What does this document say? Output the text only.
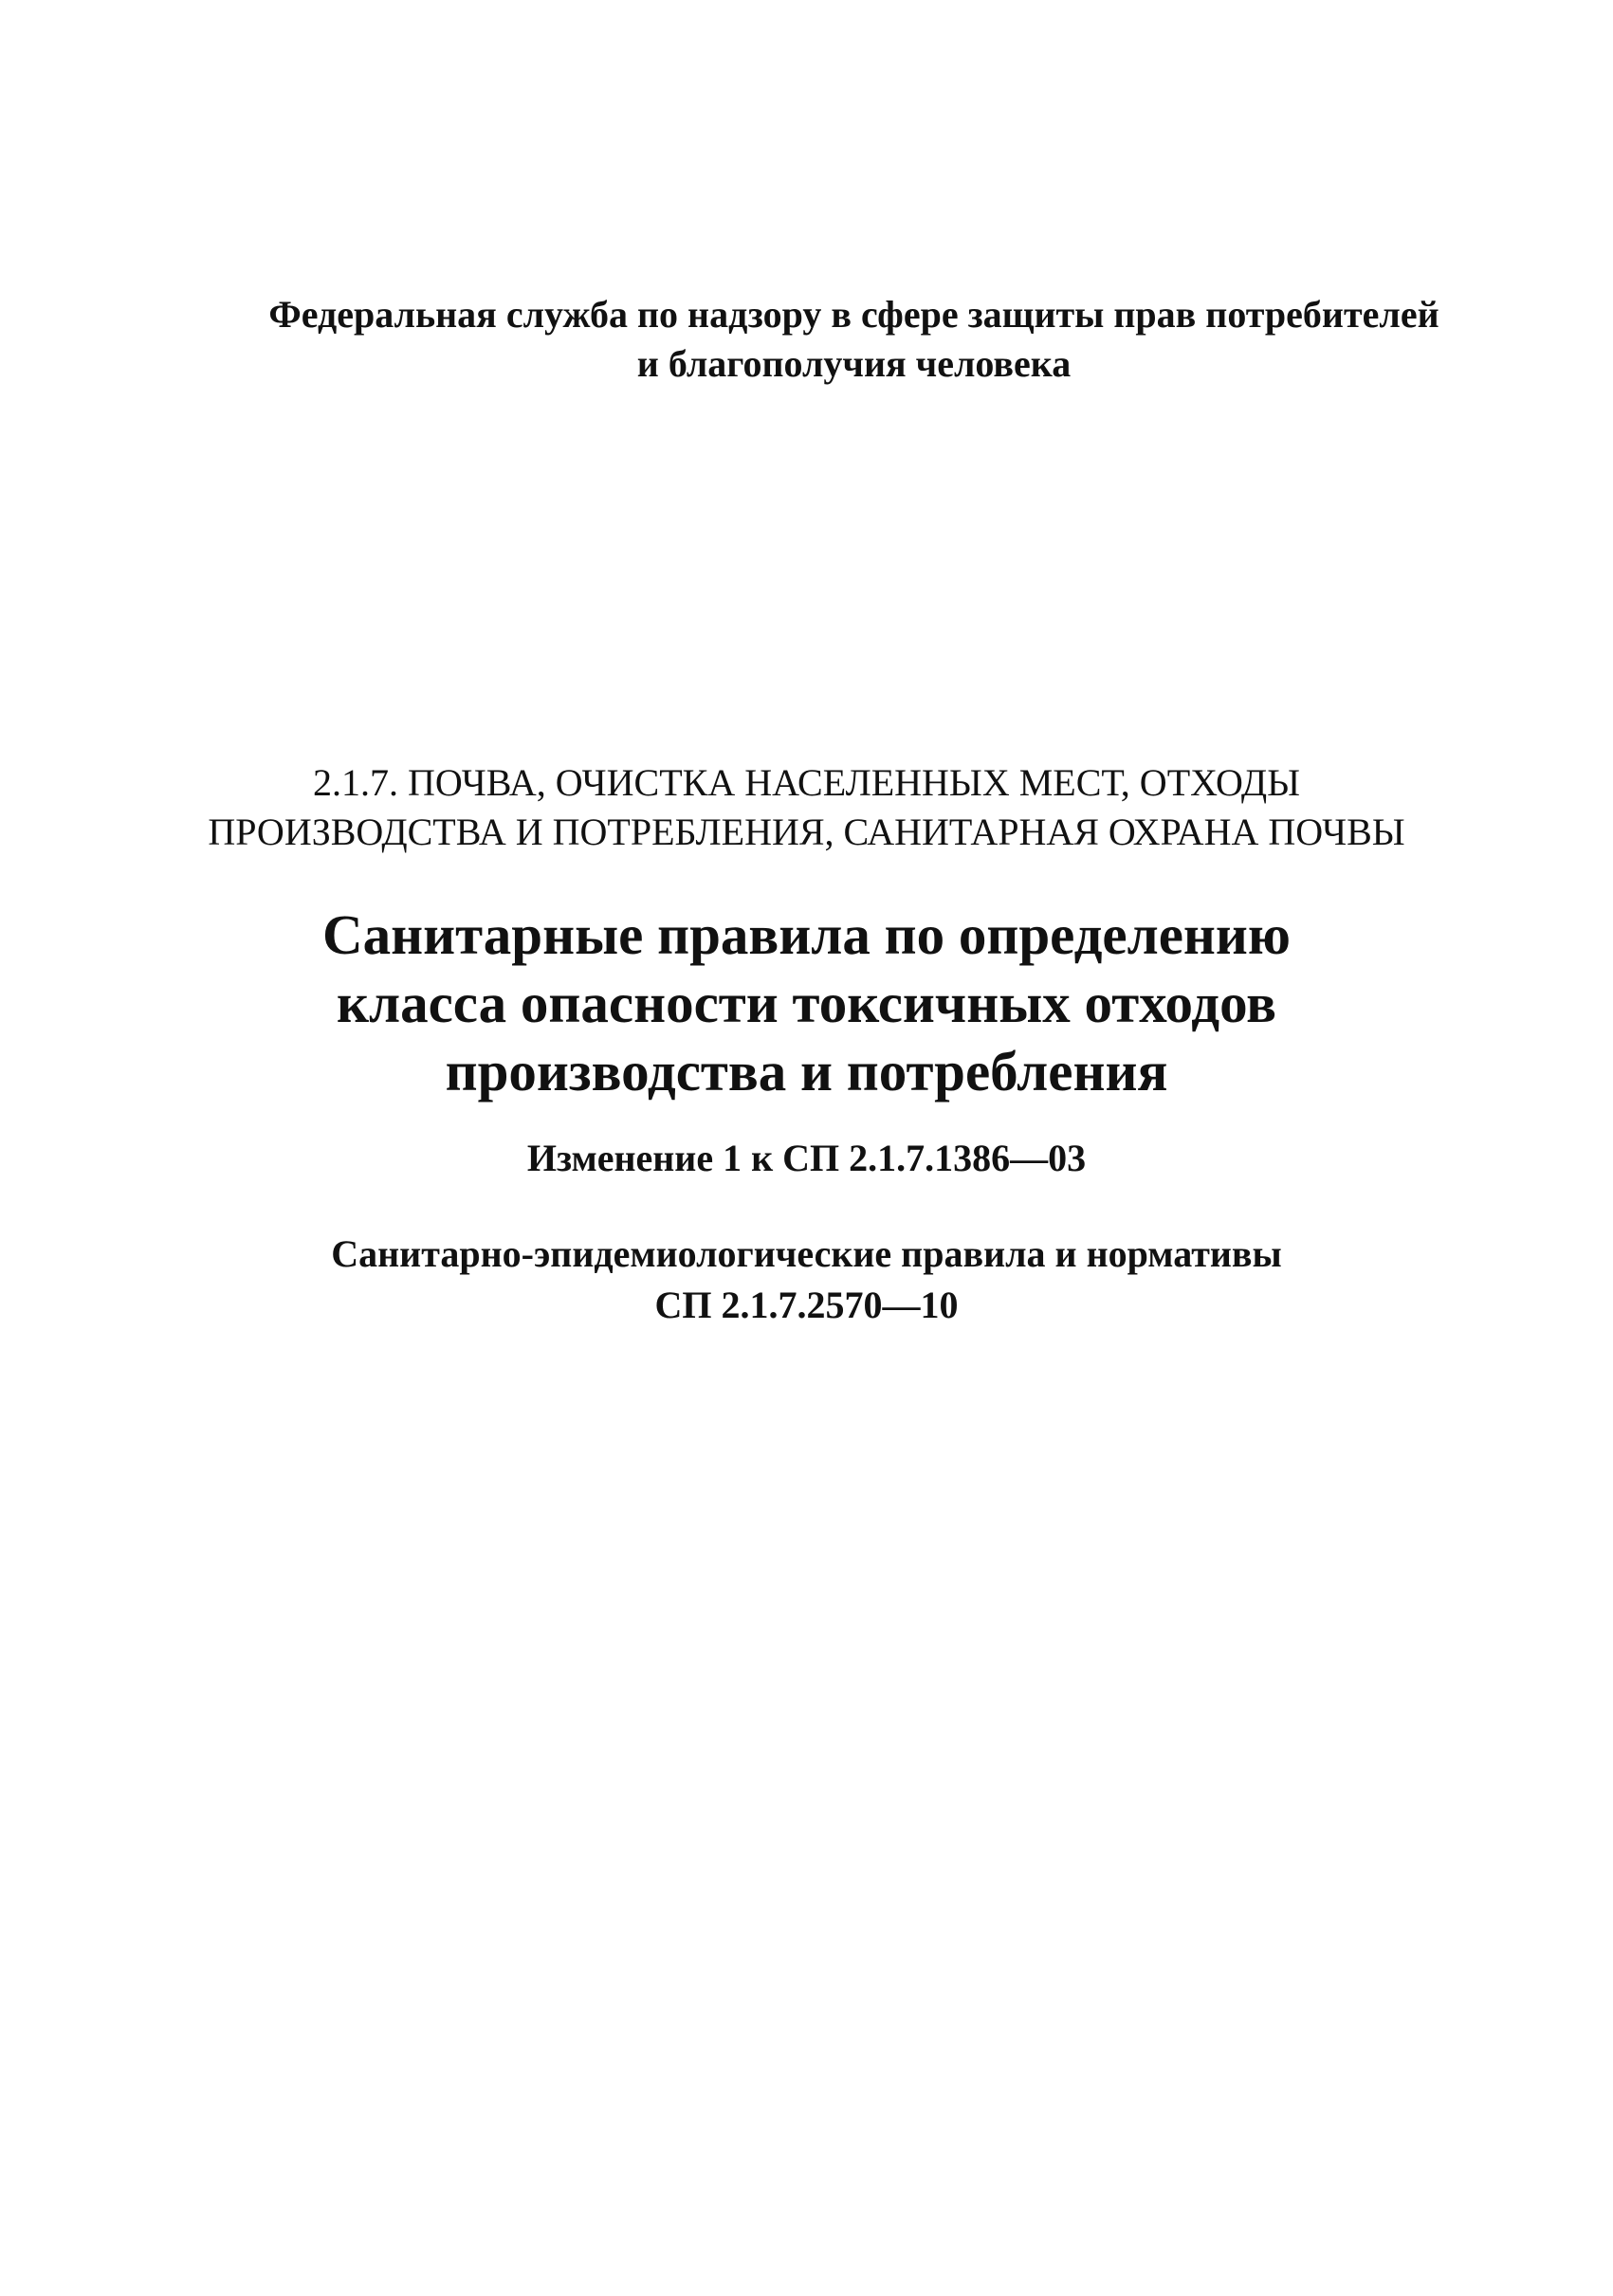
Федеральная служба по надзору в сфере защиты прав потребителей
и благополучия человека
2.1.7. ПОЧВА, ОЧИСТКА НАСЕЛЕННЫХ МЕСТ, ОТХОДЫ
ПРОИЗВОДСТВА И ПОТРЕБЛЕНИЯ, САНИТАРНАЯ ОХРАНА ПОЧВЫ
Санитарные правила по определению
класса опасности токсичных отходов
производства и потребления
Изменение 1 к СП 2.1.7.1386—03
Санитарно-эпидемиологические правила и нормативы
СП 2.1.7.2570—10
